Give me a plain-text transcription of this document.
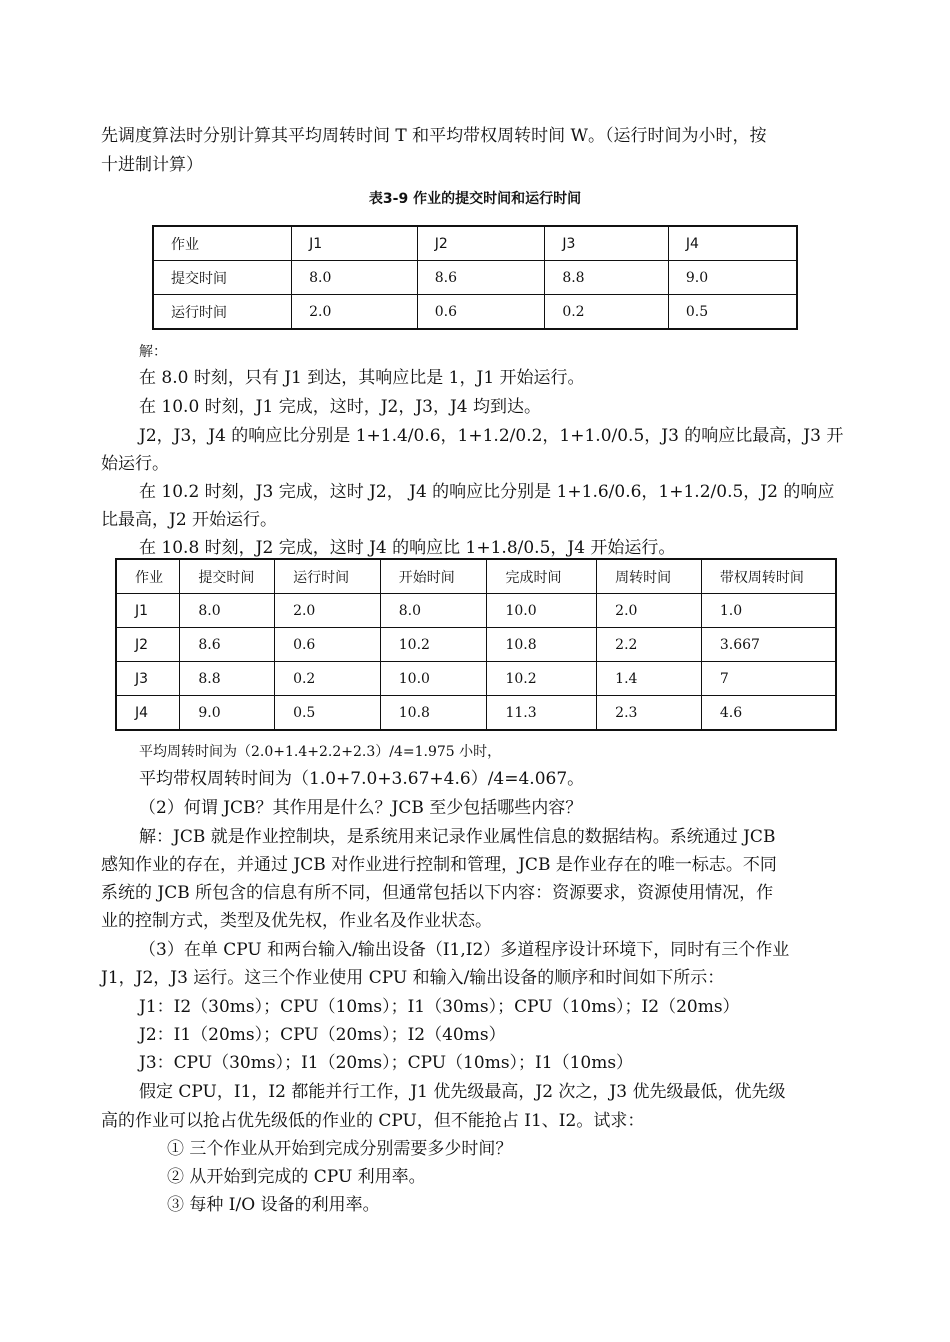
先调度算法时分别计算其平均周转时间 T 和平均带权周转时间 W。（运行时间为小时，按
十进制计算）
表3-9 作业的提交时间和运行时间
作业	J1	J2	J3	J4
提交时间	8.0	8.6	8.8	9.0
运行时间	2.0	0.6	0.2	0.5
解：
在 8.0 时刻，只有 J1 到达，其响应比是 1，J1 开始运行。
在 10.0 时刻，J1 完成，这时，J2，J3，J4 均到达。
J2，J3，J4 的响应比分别是 1+1.4/0.6，1+1.2/0.2，1+1.0/0.5，J3 的响应比最高，J3 开
始运行。
在 10.2 时刻，J3 完成，这时 J2， J4 的响应比分别是 1+1.6/0.6，1+1.2/0.5，J2 的响应
比最高，J2 开始运行。
在 10.8 时刻，J2 完成，这时 J4 的响应比 1+1.8/0.5，J4 开始运行。
作业	提交时间	运行时间	开始时间	完成时间	周转时间	带权周转时间
J1	8.0	2.0	8.0	10.0	2.0	1.0
J2	8.6	0.6	10.2	10.8	2.2	3.667
J3	8.8	0.2	10.0	10.2	1.4	7
J4	9.0	0.5	10.8	11.3	2.3	4.6
平均周转时间为（2.0+1.4+2.2+2.3）/4=1.975 小时，
平均带权周转时间为（1.0+7.0+3.67+4.6）/4=4.067。
（2）何谓 JCB？其作用是什么？JCB 至少包括哪些内容？
解：JCB 就是作业控制块，是系统用来记录作业属性信息的数据结构。系统通过 JCB
感知作业的存在，并通过 JCB 对作业进行控制和管理，JCB 是作业存在的唯一标志。不同
系统的 JCB 所包含的信息有所不同，但通常包括以下内容：资源要求，资源使用情况，作
业的控制方式，类型及优先权，作业名及作业状态。
（3）在单 CPU 和两台输入/输出设备（I1,I2）多道程序设计环境下，同时有三个作业
J1，J2，J3 运行。这三个作业使用 CPU 和输入/输出设备的顺序和时间如下所示：
J1：I2（30ms）；CPU（10ms）；I1（30ms）；CPU（10ms）；I2（20ms）
J2：I1（20ms）；CPU（20ms）；I2（40ms）
J3：CPU（30ms）；I1（20ms）；CPU（10ms）；I1（10ms）
假定 CPU，I1，I2 都能并行工作，J1 优先级最高，J2 次之，J3 优先级最低，优先级
高的作业可以抢占优先级低的作业的 CPU，但不能抢占 I1、I2。试求：
① 三个作业从开始到完成分别需要多少时间？
② 从开始到完成的 CPU 利用率。
③ 每种 I/O 设备的利用率。
